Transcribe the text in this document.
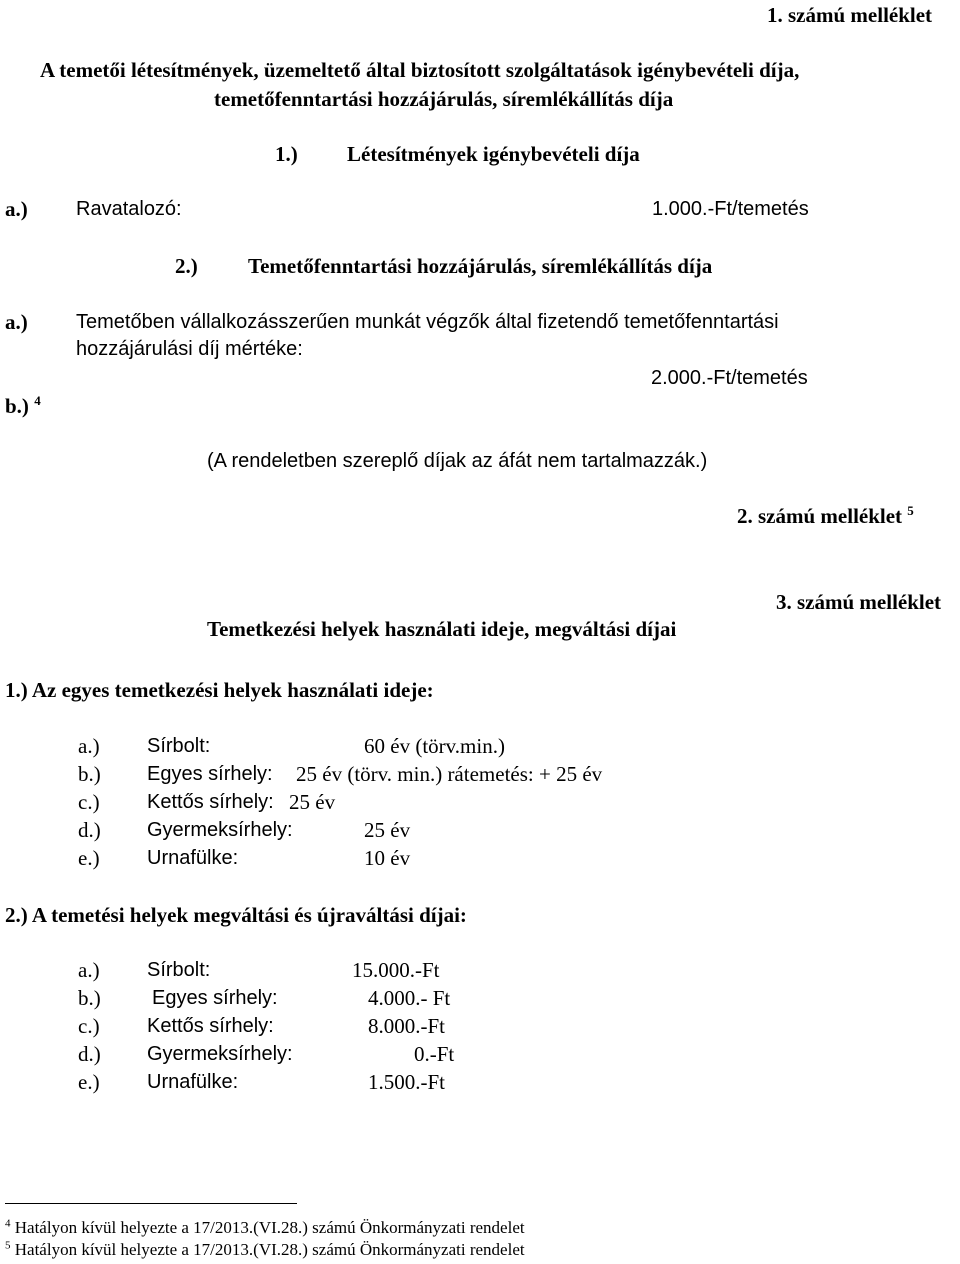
1. számú melléklet
A temetői létesítmények, üzemeltető által biztosított szolgáltatások igénybevételi díja,
temetőfenntartási hozzájárulás, síremlékállítás díja
1.) Létesítmények igénybevételi díja
a.) Ravatalozó:	1.000.-Ft/temetés
2.) Temetőfenntartási hozzájárulás, síremlékállítás díja
a.) Temetőben vállalkozásszerűen munkát végzők által fizetendő temetőfenntartási
hozzájárulási díj mértéke:
2.000.-Ft/temetés
b.) $^4$
(A rendeletben szereplő díjak az áfát nem tartalmazzák.)
2. számú melléklet $^5$
3. számú melléklet
Temetkezési helyek használati ideje, megváltási díjai
1.) Az egyes temetkezési helyek használati ideje:
a.) Sírbolt:	60 év (törv.min.)
b.) Egyes sírhely: 25 év (törv. min.) rátemetés: + 25 év
c.) Kettős sírhely: 25 év
d.) Gyermeksírhely:	25 év
e.) Urnafülke:	10 év
2.) A temetési helyek megváltási és újraváltási díjai:
a.) Sírbolt:	15.000.-Ft
b.)	Egyes sírhely:	4.000.- Ft
c.) Kettős sírhely:	8.000.-Ft
d.) Gyermeksírhely:	0.-Ft
e.) Urnafülke:	1.500.-Ft
$^4$ Hatályon kívül helyezte a 17/2013.(VI.28.) számú Önkormányzati rendelet
$^5$ Hatályon kívül helyezte a 17/2013.(VI.28.) számú Önkormányzati rendelet
